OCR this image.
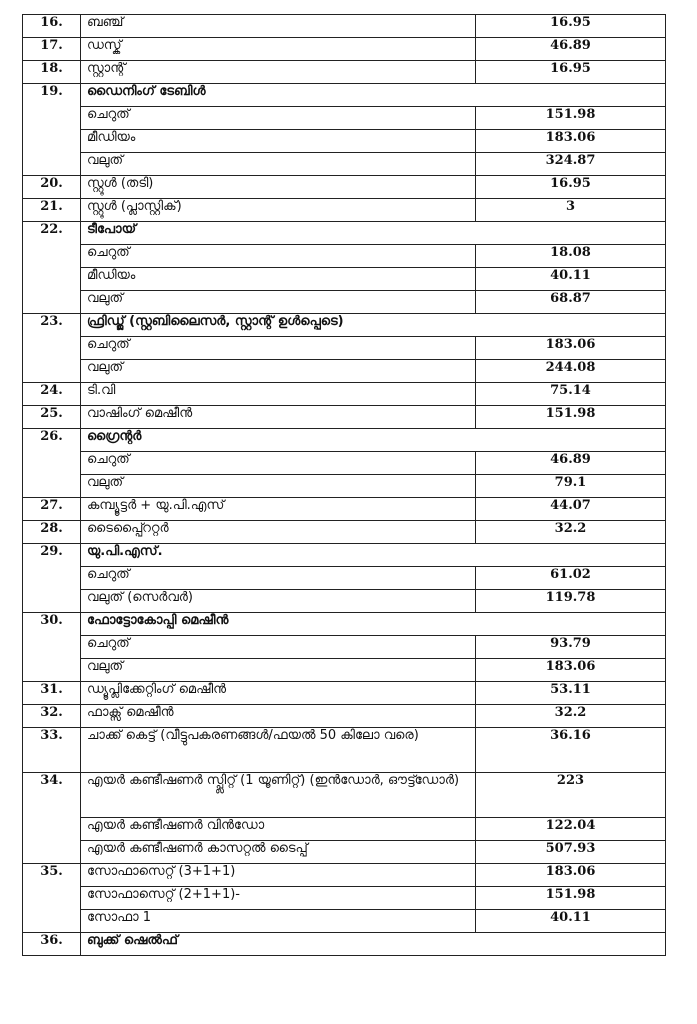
16.	ബഞ്ച്	16.95
17.	ഡസ്ക്	46.89
18.	സ്റ്റാന്റ്	16.95
19.	ഡൈനിംഗ് ടേബിൾ	
	ചെറുത്	151.98
	മീഡിയം	183.06
	വലുത്	324.87
20.	സ്റ്റൂൾ (തടി)	16.95
21.	സ്റ്റൂൾ (പ്ലാസ്റ്റിക്)	3
22.	ടീപോയ്	
	ചെറുത്	18.08
	മീഡിയം	40.11
	വലുത്	68.87
23.	ഫ്രിഡ്ജ് (സ്റ്റബിലൈസർ, സ്റ്റാന്റ് ഉൾപ്പെടെ)	
	ചെറുത്	183.06
	വലുത്	244.08
24.	ടി.വി	75.14
25.	വാഷിംഗ് മെഷീൻ	151.98
26.	ഗ്രൈന്റർ	
	ചെറുത്	46.89
	വലുത്	79.1
27.	കമ്പ്യൂട്ടർ + യു.പി.എസ്	44.07
28.	ടൈപ്പ്റൈറ്റർ	32.2
29.	യു.പി.എസ്.	
	ചെറുത്	61.02
	വലുത് (സെർവർ)	119.78
30.	ഫോട്ടോകോപ്പി മെഷീൻ	
	ചെറുത്	93.79
	വലുത്	183.06
31.	ഡ്യൂപ്ലിക്കേറ്റിംഗ് മെഷീൻ	53.11
32.	ഫാക്സ് മെഷീൻ	32.2
33.	ചാക്ക് കെട്ട് (വീട്ടുപകരണങ്ങൾ/ഫയൽ 50 കിലോ വരെ)	36.16
34.	എയർ കണ്ടീഷണർ സ്പ്ലിറ്റ് (1 യൂണിറ്റ്) (ഇൻഡോർ, ഔട്ട്ഡോർ)	223
	എയർ കണ്ടീഷണർ വിൻഡോ	122.04
	എയർ കണ്ടീഷണർ കാസറ്റൽ ടൈപ്പ്	507.93
35.	സോഫാസെറ്റ് (3+1+1)	183.06
	സോഫാസെറ്റ് (2+1+1)-	151.98
	സോഫാ 1	40.11
36.	ബുക്ക് ഷെൽഫ്	
